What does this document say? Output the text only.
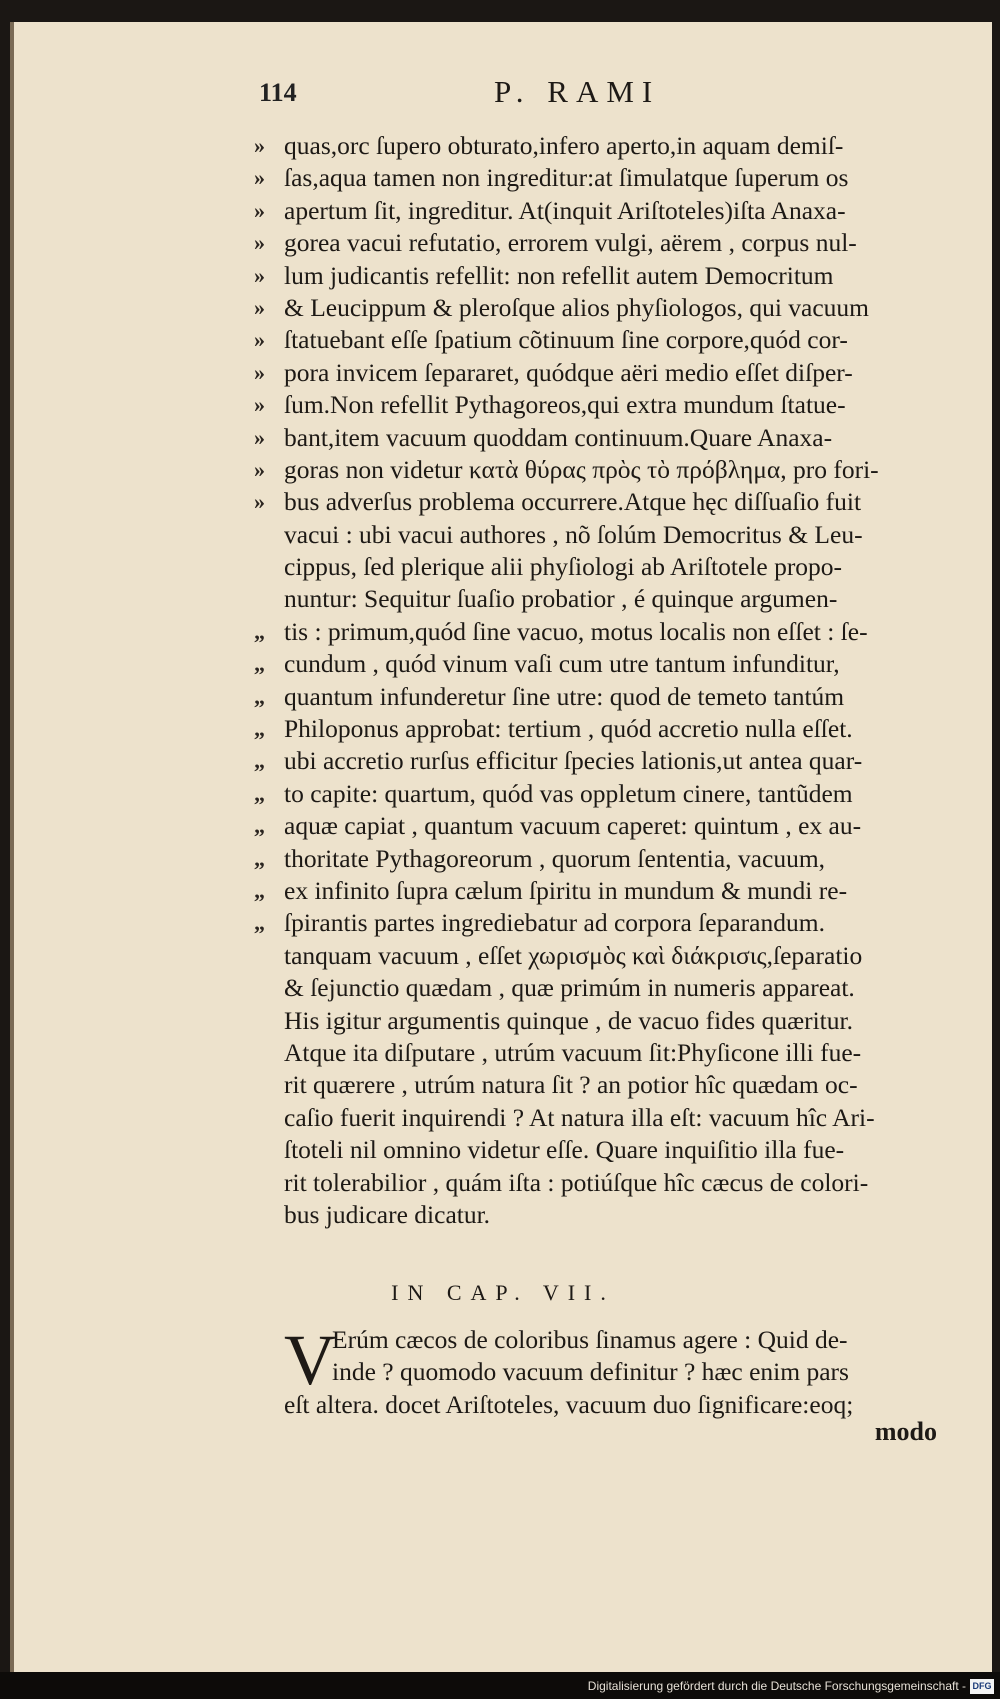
114	P. RAMI
» quas,orc ſupero obturato,infero aperto,in aquam demiſ-
» ſas,aqua tamen non ingreditur:at ſimulatque ſuperum os
» apertum ſit, ingreditur. At(inquit Ariſtoteles)iſta Anaxa-
» gorea vacui refutatio, errorem vulgi, aërem , corpus nul-
» lum judicantis refellit: non refellit autem Democritum
» & Leucippum & pleroſque alios phyſiologos, qui vacuum
» ſtatuebant eſſe ſpatium cõtinuum ſine corpore,quód cor-
» pora invicem ſepararet, quódque aëri medio eſſet diſper-
» ſum.Non refellit Pythagoreos,qui extra mundum ſtatue-
» bant,item vacuum quoddam continuum.Quare Anaxa-
» goras non videtur κατὰ θύρας πρὸς τὸ πρόβλημα, pro fori-
» bus adverſus problema occurrere.Atque hęc diſſuaſio fuit
vacui : ubi vacui authores , nõ ſolúm Democritus & Leu-
cippus, ſed plerique alii phyſiologi ab Ariſtotele propo-
nuntur: Sequitur ſuaſio probatior , é quinque argumen-
„ tis : primum,quód ſine vacuo, motus localis non eſſet : ſe-
„ cundum , quód vinum vaſi cum utre tantum infunditur,
„ quantum infunderetur ſine utre: quod de temeto tantúm
„ Philoponus approbat: tertium , quód accretio nulla eſſet.
„ ubi accretio rurſus efficitur ſpecies lationis,ut antea quar-
„ to capite: quartum, quód vas oppletum cinere, tantũdem
„ aquæ capiat , quantum vacuum caperet: quintum , ex au-
„ thoritate Pythagoreorum , quorum ſententia, vacuum,
„ ex infinito ſupra cælum ſpiritu in mundum & mundi re-
„ ſpirantis partes ingrediebatur ad corpora ſeparandum.
tanquam vacuum , eſſet χωρισμὸς καὶ διάκρισις,ſeparatio
& ſejunctio quædam , quæ primúm in numeris appareat.
His igitur argumentis quinque , de vacuo fides quæritur.
Atque ita diſputare , utrúm vacuum ſit:Phyſicone illi fue-
rit quærere , utrúm natura ſit ? an potior hîc quædam oc-
caſio fuerit inquirendi ? At natura illa eſt: vacuum hîc Ari-
ſtoteli nil omnino videtur eſſe. Quare inquiſitio illa fue-
rit tolerabilior , quám iſta : potiúſque hîc cæcus de colori-
bus judicare dicatur.
IN CAP. VII.
V
Erúm cæcos de coloribus ſinamus agere : Quid de-
inde ? quomodo vacuum definitur ? hæc enim pars
eſt altera. docet Ariſtoteles, vacuum duo ſignificare:eoq;
modo
Digitalisierung gefördert durch die Deutsche Forschungsgemeinschaft - DFG
